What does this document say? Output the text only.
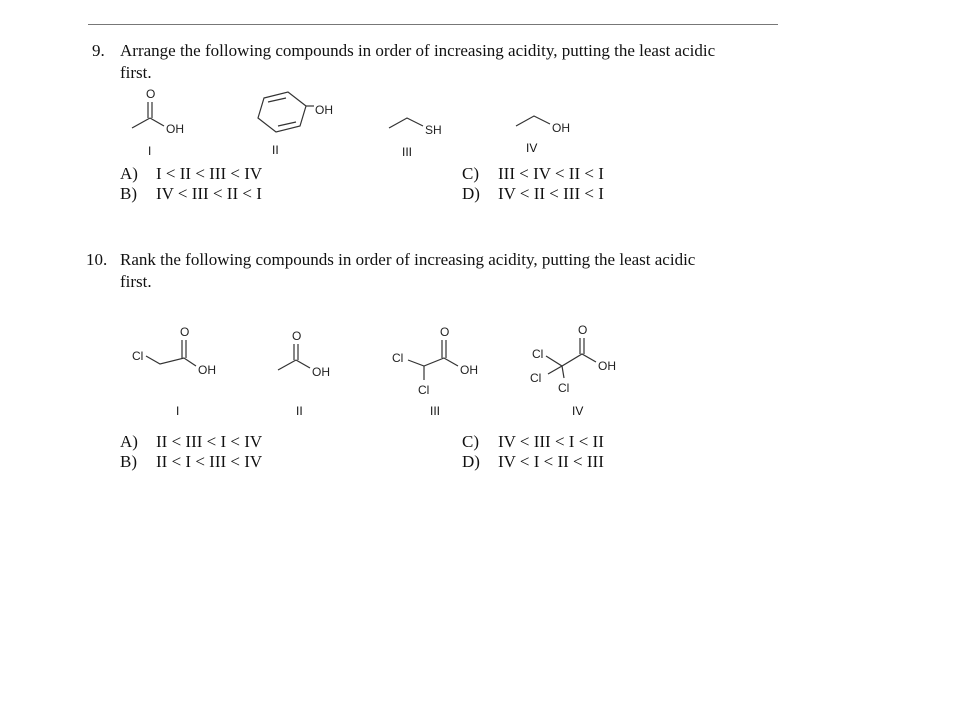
9. Arrange the following compounds in order of increasing acidity, putting the least acidic
first.
O
OH
OH
SH	OH
I	II	III	IV
A) I < II < III < IV
B) IV < III < II < I
C) III < IV < II < I
D) IV < II < III < I
10. Rank the following compounds in order of increasing acidity, putting the least acidic
first.
O
Cl
OH
O
OH
O
Cl
OH
Cl
O
Cl
OH
Cl
Cl
I	II	III	IV
A) II < III < I < IV
B) II < I < III < IV
C) IV < III < I < II
D) IV < I < II < III
